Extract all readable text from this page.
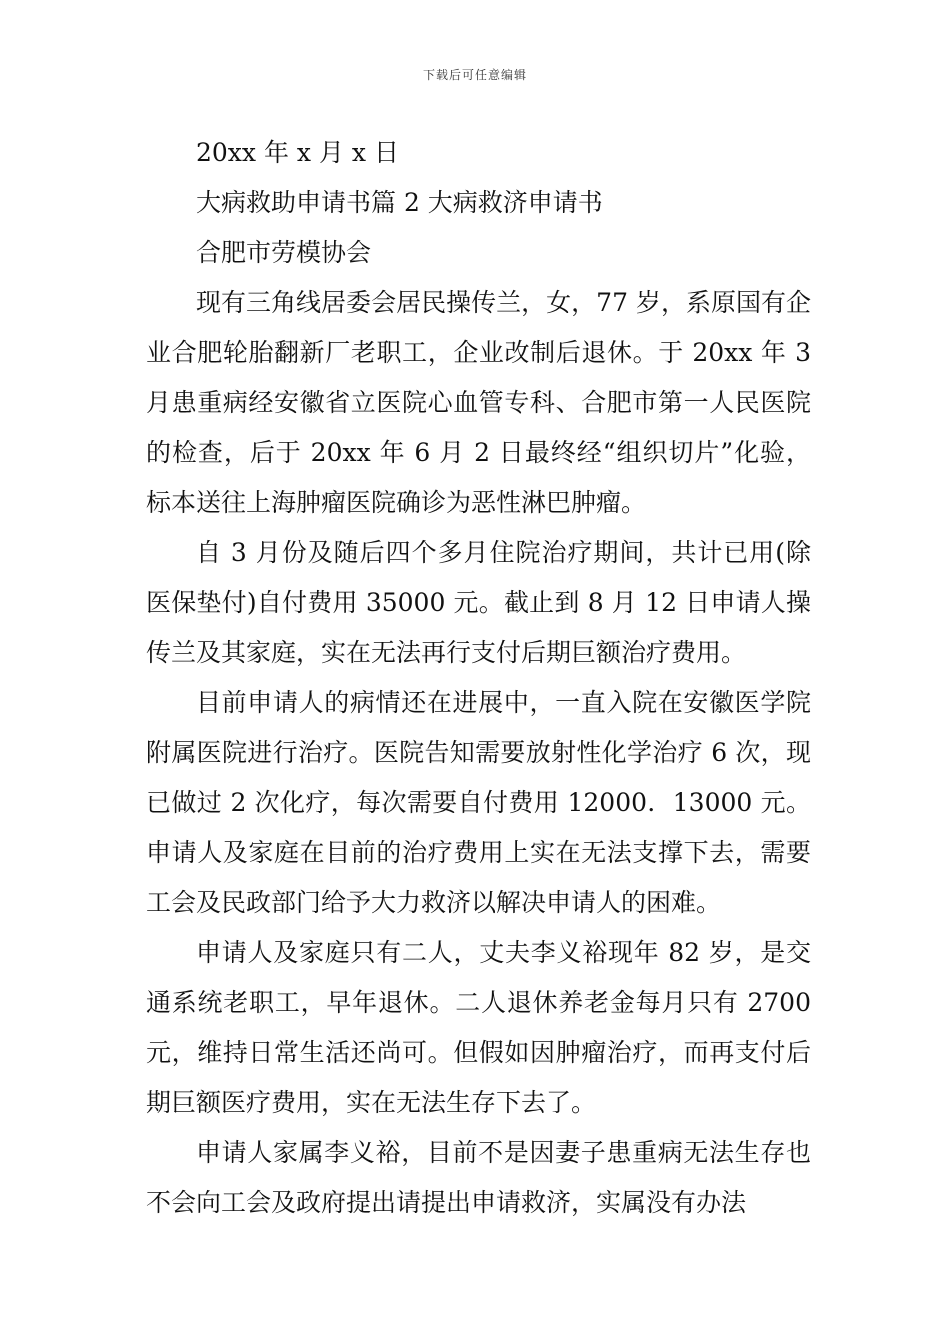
下载后可任意编辑

20xx 年 x 月 x 日

大病救助申请书篇 2 大病救济申请书

合肥市劳模协会

现有三角线居委会居民操传兰，女，77 岁，系原国有企业合肥轮胎翻新厂老职工，企业改制后退休。于 20xx 年 3 月患重病经安徽省立医院心血管专科、合肥市第一人民医院的检查，后于 20xx 年 6 月 2 日最终经“组织切片”化验，标本送往上海肿瘤医院确诊为恶性淋巴肿瘤。

自 3 月份及随后四个多月住院治疗期间，共计已用(除医保垫付)自付费用 35000 元。截止到 8 月 12 日申请人操传兰及其家庭，实在无法再行支付后期巨额治疗费用。

目前申请人的病情还在进展中，一直入院在安徽医学院附属医院进行治疗。医院告知需要放射性化学治疗 6 次，现已做过 2 次化疗，每次需要自付费用 12000．13000 元。申请人及家庭在目前的治疗费用上实在无法支撑下去，需要工会及民政部门给予大力救济以解决申请人的困难。

申请人及家庭只有二人，丈夫李义裕现年 82 岁，是交通系统老职工，早年退休。二人退休养老金每月只有 2700 元，维持日常生活还尚可。但假如因肿瘤治疗，而再支付后期巨额医疗费用，实在无法生存下去了。

申请人家属李义裕，目前不是因妻子患重病无法生存也不会向工会及政府提出请提出申请救济，实属没有办法
